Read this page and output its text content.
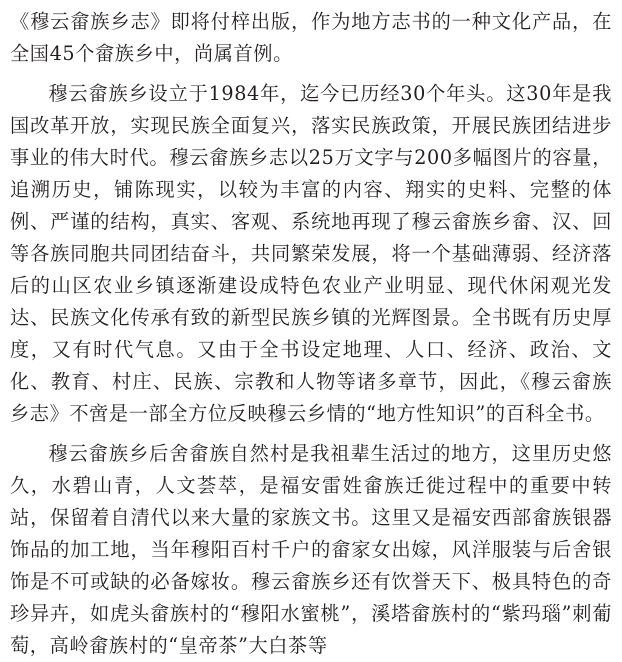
《穆云畲族乡志》即将付梓出版，作为地方志书的一种文化产品，在全国45个畲族乡中，尚属首例。

穆云畲族乡设立于1984年，迄今已历经30个年头。这30年是我国改革开放，实现民族全面复兴，落实民族政策，开展民族团结进步事业的伟大时代。穆云畲族乡志以25万文字与200多幅图片的容量，追溯历史，铺陈现实，以较为丰富的内容、翔实的史料、完整的体例、严谨的结构，真实、客观、系统地再现了穆云畲族乡畲、汉、回等各族同胞共同团结奋斗，共同繁荣发展，将一个基础薄弱、经济落后的山区农业乡镇逐渐建设成特色农业产业明显、现代休闲观光发达、民族文化传承有致的新型民族乡镇的光辉图景。全书既有历史厚度，又有时代气息。又由于全书设定地理、人口、经济、政治、文化、教育、村庄、民族、宗教和人物等诸多章节，因此，《穆云畲族乡志》不啻是一部全方位反映穆云乡情的“地方性知识”的百科全书。

穆云畲族乡后舍畲族自然村是我祖辈生活过的地方，这里历史悠久，水碧山青，人文荟萃，是福安雷姓畲族迁徙过程中的重要中转站，保留着自清代以来大量的家族文书。这里又是福安西部畲族银器饰品的加工地，当年穆阳百村千户的畲家女出嫁，风洋服装与后舍银饰是不可或缺的必备嫁妆。穆云畲族乡还有饮誉天下、极具特色的奇珍异卉，如虎头畲族村的“穆阳水蜜桃”，溪塔畲族村的“紫玛瑙”刺葡萄，高岭畲族村的“皇帝茶”大白茶等
